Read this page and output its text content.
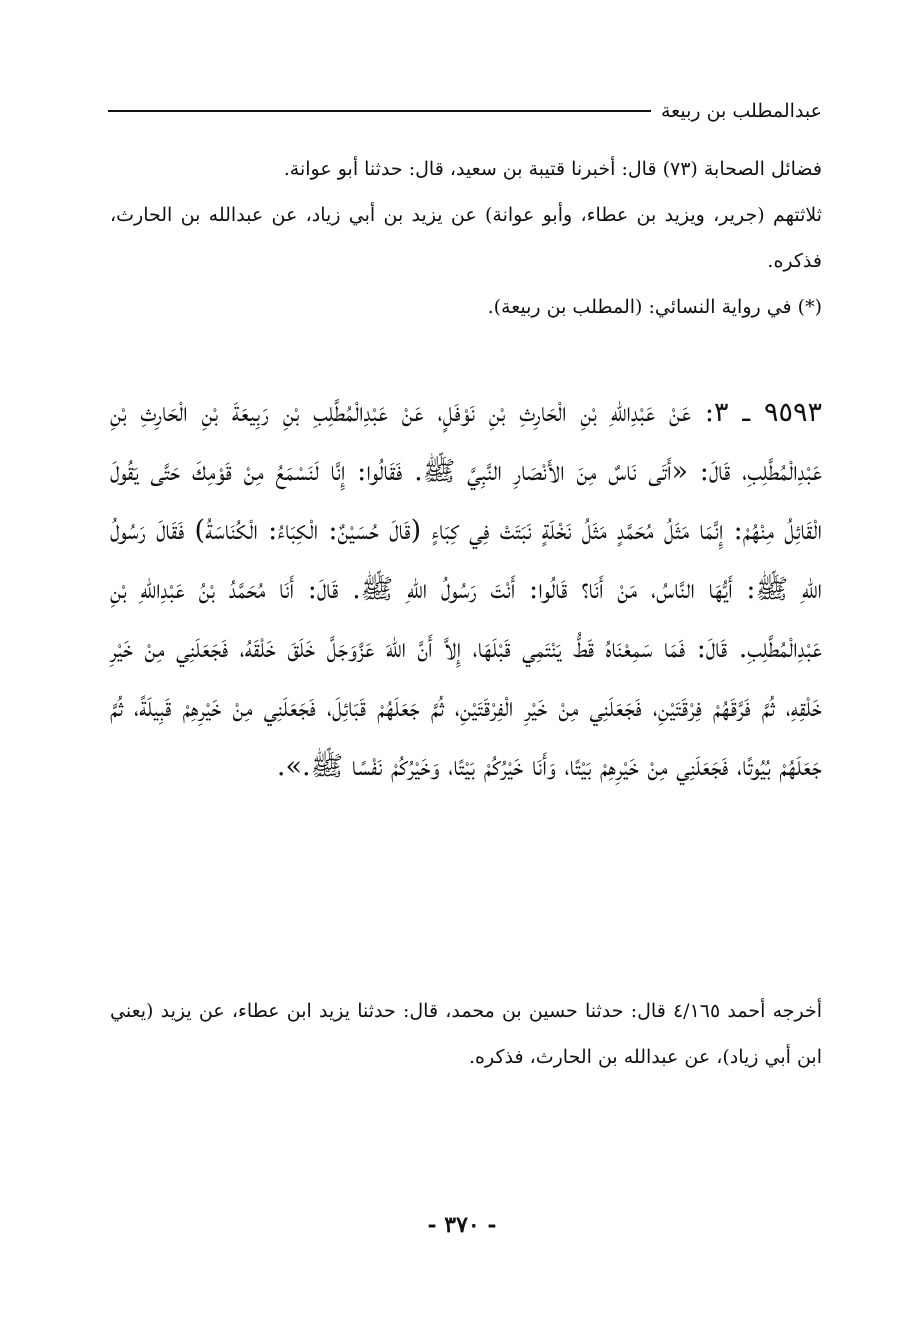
عبدالمطلب بن ربيعة

فضائل الصحابة (٧٣) قال: أخبرنا قتيبة بن سعيد، قال: حدثنا أبو عوانة.

ثلاثتهم (جرير، ويزيد بن عطاء، وأبو عوانة) عن يزيد بن أبي زياد، عن عبدالله بن الحارث، فذكره.

(*) في رواية النسائي: (المطلب بن ربيعة).

٩٥٩٣ ـ ٣: عَنْ عَبْدِاللهِ بْنِ الْحَارِثِ بْنِ نَوْفَلٍ، عَنْ عَبْدِالْمُطَّلِبِ بْنِ رَبِيعَةَ بْنِ الْحَارِثِ بْنِ عَبْدِالْمُطَّلِبِ، قَالَ: «أَتَى نَاسٌ مِنَ الأَنْصَارِ النَّبِيَّ ﷺ. فَقَالُوا: إِنَّا لَنَسْمَعُ مِنْ قَوْمِكَ حَتَّى يَقُولَ الْقَائِلُ مِنْهُمْ: إِنَّمَا مَثَلُ مُحَمَّدٍ مَثَلُ نَخْلَةٍ نَبَتَتْ فِي كِبَاءٍ (قَالَ حُسَيْنٌ: الْكِبَاءُ: الْكُنَاسَةُ) فَقَالَ رَسُولُ اللهِ ﷺ: أَيُّهَا النَّاسُ، مَنْ أَنَا؟ قَالُوا: أَنْتَ رَسُولُ اللهِ ﷺ. قَالَ: أَنَا مُحَمَّدُ بْنُ عَبْدِاللهِ بْنِ عَبْدِالْمُطَّلِبِ. قَالَ: فَمَا سَمِعْنَاهُ قَطُّ يَنْتَمِي قَبْلَهَا، إِلاَّ أَنَّ اللهَ عَزَّوَجَلَّ خَلَقَ خَلْقَهُ، فَجَعَلَنِي مِنْ خَيْرِ خَلْقِهِ، ثُمَّ فَرَّقَهُمْ فِرْقَتَيْنِ، فَجَعَلَنِي مِنْ خَيْرِ الْفِرْقَتَيْنِ، ثُمَّ جَعَلَهُمْ قَبَائِلَ، فَجَعَلَنِي مِنْ خَيْرِهِمْ قَبِيلَةً، ثُمَّ جَعَلَهُمْ بُيُوتًا، فَجَعَلَنِي مِنْ خَيْرِهِمْ بَيْتًا، وَأَنَا خَيْرُكُمْ بَيْتًا، وَخَيْرُكُمْ نَفْسًا ﷺ.».

أخرجه أحمد ٤/١٦٥ قال: حدثنا حسين بن محمد، قال: حدثنا يزيد ابن عطاء، عن يزيد (يعني ابن أبي زياد)، عن عبدالله بن الحارث، فذكره.

- ٣٧٠ -
